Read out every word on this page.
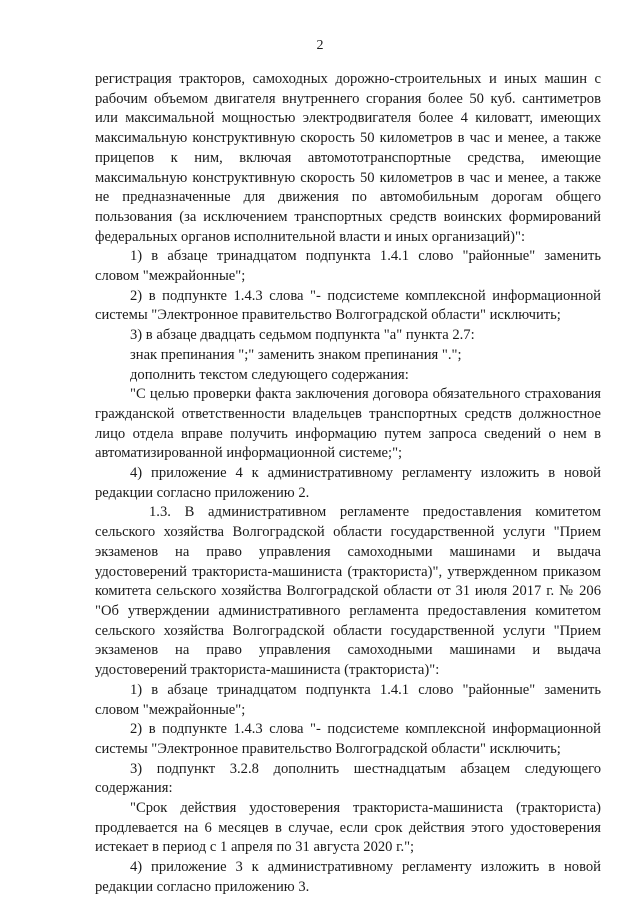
2

регистрация тракторов, самоходных дорожно-строительных и иных машин с рабочим объемом двигателя внутреннего сгорания более 50 куб. сантиметров или максимальной мощностью электродвигателя более 4 киловатт, имеющих максимальную конструктивную скорость 50 километров в час и менее, а также прицепов к ним, включая автомототранспортные средства, имеющие максимальную конструктивную скорость 50 километров в час и менее, а также не предназначенные для движения по автомобильным дорогам общего пользования (за исключением транспортных средств воинских формирований федеральных органов исполнительной власти и иных организаций)":

1) в абзаце тринадцатом подпункта 1.4.1 слово "районные" заменить словом "межрайонные";

2) в подпункте 1.4.3 слова "- подсистеме комплексной информационной системы "Электронное правительство Волгоградской области" исключить;

3) в абзаце двадцать седьмом подпункта "а" пункта 2.7:

знак препинания ";" заменить знаком препинания ".";

дополнить текстом следующего содержания:

"С целью проверки факта заключения договора обязательного страхования гражданской ответственности владельцев транспортных средств должностное лицо отдела вправе получить информацию путем запроса сведений о нем в автоматизированной информационной системе;";

4) приложение 4 к административному регламенту изложить в новой редакции согласно приложению 2.

1.3. В административном регламенте предоставления комитетом сельского хозяйства Волгоградской области государственной услуги "Прием экзаменов на право управления самоходными машинами и выдача удостоверений тракториста-машиниста (тракториста)", утвержденном приказом комитета сельского хозяйства Волгоградской области от 31 июля 2017 г. № 206 "Об утверждении административного регламента предоставления комитетом сельского хозяйства Волгоградской области государственной услуги "Прием экзаменов на право управления самоходными машинами и выдача удостоверений тракториста-машиниста (тракториста)":

1) в абзаце тринадцатом подпункта 1.4.1 слово "районные" заменить словом "межрайонные";

2) в подпункте 1.4.3 слова "- подсистеме комплексной информационной системы "Электронное правительство Волгоградской области" исключить;

3) подпункт 3.2.8 дополнить шестнадцатым абзацем следующего содержания:

"Срок действия удостоверения тракториста-машиниста (тракториста) продлевается на 6 месяцев в случае, если срок действия этого удостоверения истекает в период с 1 апреля по 31 августа 2020 г.";

4) приложение 3 к административному регламенту изложить в новой редакции согласно приложению 3.
